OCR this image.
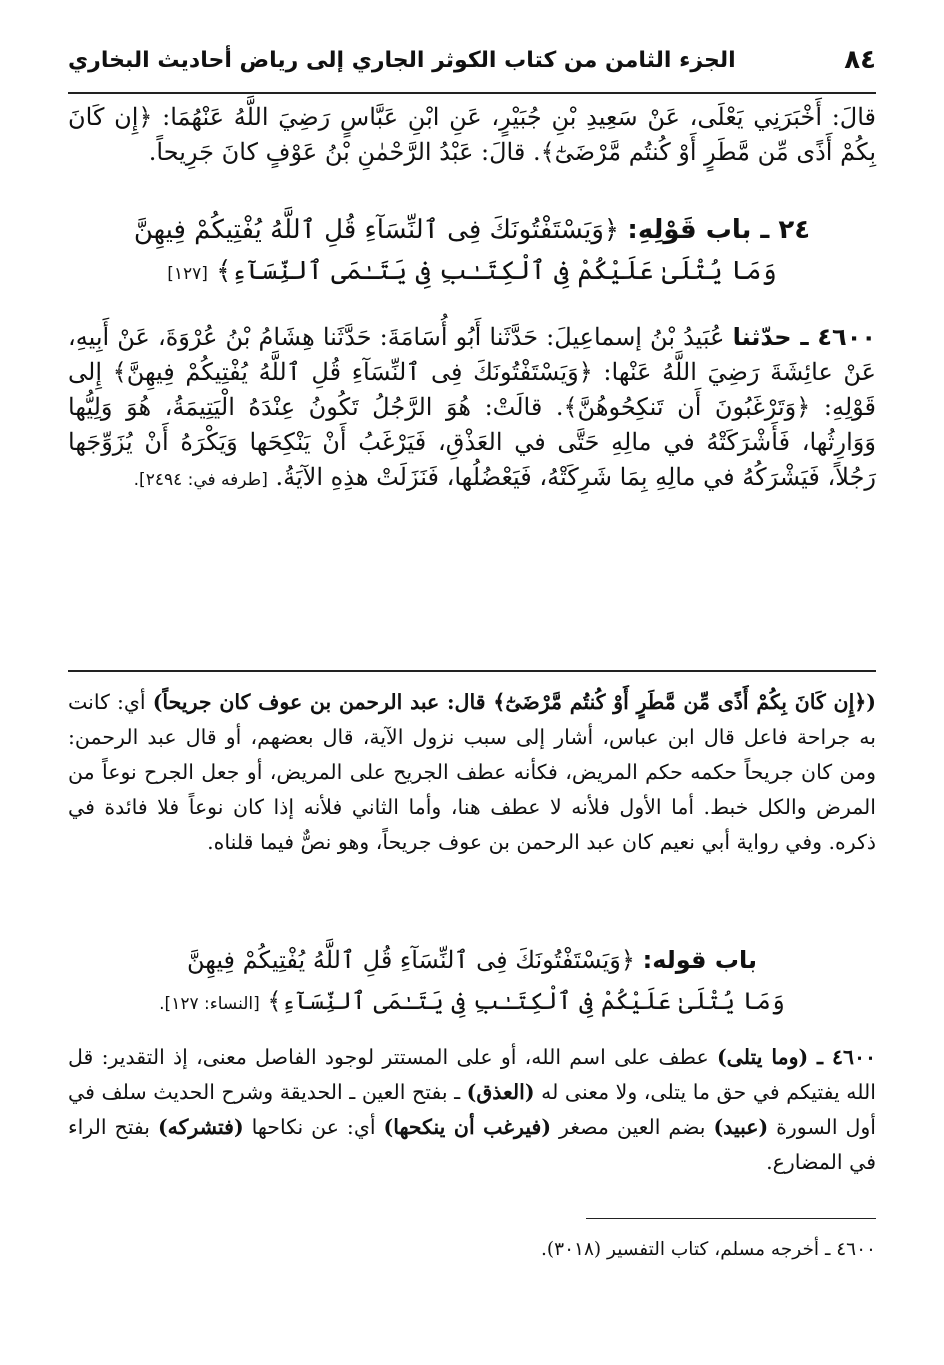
٨٤
الجزء الثامن من كتاب الكوثر الجاري إلى رياض أحاديث البخاري

قالَ: أَخْبَرَنِي يَعْلَى، عَنْ سَعِيدِ بْنِ جُبَيْرٍ، عَنِ ابْنِ عَبَّاسٍ رَضِيَ اللَّهُ عَنْهُمَا: ﴿إِن كَانَ بِكُمْ أَذًى مِّن مَّطَرٍ أَوْ كُنتُم مَّرْضَىٰٓ﴾. قالَ: عَبْدُ الرَّحْمٰنِ بْنُ عَوْفٍ كانَ جَرِيحاً.

٢٤ ـ باب قَوْلِهِ: ﴿وَيَسْتَفْتُونَكَ فِى ٱلنِّسَآءِ قُلِ ٱللَّهُ يُفْتِيكُمْ فِيهِنَّ
وَمَا يُتْلَىٰ عَلَيْكُمْ فِى ٱلْكِتَـٰبِ فِى يَتَـٰمَى ٱلنِّسَآءِ﴾ [١٢٧]

٤٦٠٠ ـ حدّثنا عُبَيدُ بْنُ إسماعِيلَ: حَدَّثَنا أَبُو أُسَامَةَ: حَدَّثَنا هِشَامُ بْنُ عُرْوَةَ، عَنْ أَبِيهِ، عَنْ عائِشَةَ رَضِيَ اللَّهُ عَنْها: ﴿وَيَسْتَفْتُونَكَ فِى ٱلنِّسَآءِ قُلِ ٱللَّهُ يُفْتِيكُمْ فِيهِنَّ﴾ إِلى قَوْلِهِ: ﴿وَتَرْغَبُونَ أَن تَنكِحُوهُنَّ﴾. قالَتْ: هُوَ الرَّجُلُ تَكُونُ عِنْدَهُ الْيَتِيمَةُ، هُوَ وَلِيُّها وَوَارِثُها، فَأَشْرَكَتْهُ في مالِهِ حَتَّى في العَذْقِ، فَيَرْغَبُ أَنْ يَنْكِحَها وَيَكْرَهُ أَنْ يُزَوِّجَها رَجُلاً، فَيَشْرَكُهُ في مالِهِ بِمَا شَرِكَتْهُ، فَيَعْضُلُها، فَنَزَلَتْ هذِهِ الآيَةُ. [طرفه في: ٢٤٩٤].

(﴿إِن كَانَ بِكُمْ أَذًى مِّن مَّطَرٍ أَوْ كُنتُم مَّرْضَىٰٓ﴾ قال: عبد الرحمن بن عوف كان جريحاً) أي: كانت به جراحة فاعل قال ابن عباس، أشار إلى سبب نزول الآية، قال بعضهم، أو قال عبد الرحمن: ومن كان جريحاً حكمه حكم المريض، فكأنه عطف الجريح على المريض، أو جعل الجرح نوعاً من المرض والكل خبط. أما الأول فلأنه لا عطف هنا، وأما الثاني فلأنه إذا كان نوعاً فلا فائدة في ذكره. وفي رواية أبي نعيم كان عبد الرحمن بن عوف جريحاً، وهو نصٌّ فيما قلناه.

باب قوله: ﴿وَيَسْتَفْتُونَكَ فِى ٱلنِّسَآءِ قُلِ ٱللَّهُ يُفْتِيكُمْ فِيهِنَّ
وَمَا يُتْلَىٰ عَلَيْكُمْ فِى ٱلْكِتَـٰبِ فِى يَتَـٰمَى ٱلنِّسَآءِ﴾ [النساء: ١٢٧].

٤٦٠٠ ـ (وما يتلى) عطف على اسم الله، أو على المستتر لوجود الفاصل معنى، إذ التقدير: قل الله يفتيكم في حق ما يتلى، ولا معنى له (العذق) ـ بفتح العين ـ الحديقة وشرح الحديث سلف في أول السورة (عبيد) بضم العين مصغر (فيرغب أن ينكحها) أي: عن نكاحها (فتشركه) بفتح الراء في المضارع.

٤٦٠٠ ـ أخرجه مسلم، كتاب التفسير (٣٠١٨).
